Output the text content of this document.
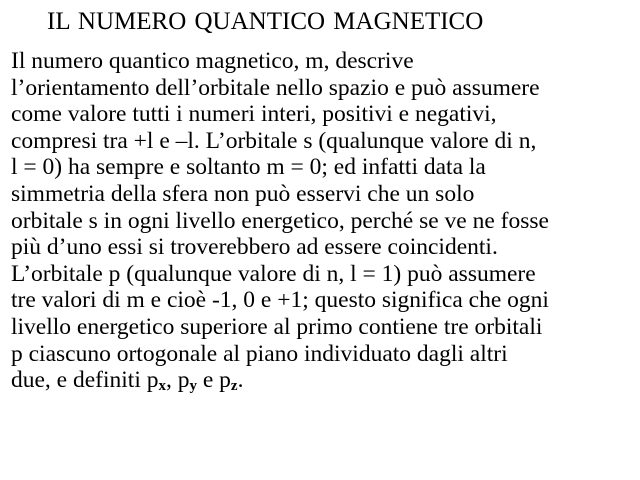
IL NUMERO QUANTICO MAGNETICO
Il numero quantico magnetico, m, descrive
l’orientamento dell’orbitale nello spazio e può assumere
come valore tutti i numeri interi, positivi e negativi,
compresi tra +l e –l. L’orbitale s (qualunque valore di n,
l = 0) ha sempre e soltanto m = 0; ed infatti data la
simmetria della sfera non può esservi che un solo
orbitale s in ogni livello energetico, perché se ve ne fosse
più d’uno essi si troverebbero ad essere coincidenti.
L’orbitale p (qualunque valore di n, l = 1) può assumere
tre valori di m e cioè -1, 0 e +1; questo significa che ogni
livello energetico superiore al primo contiene tre orbitali
p ciascuno ortogonale al piano individuato dagli altri
due, e definiti px, py e pz.
